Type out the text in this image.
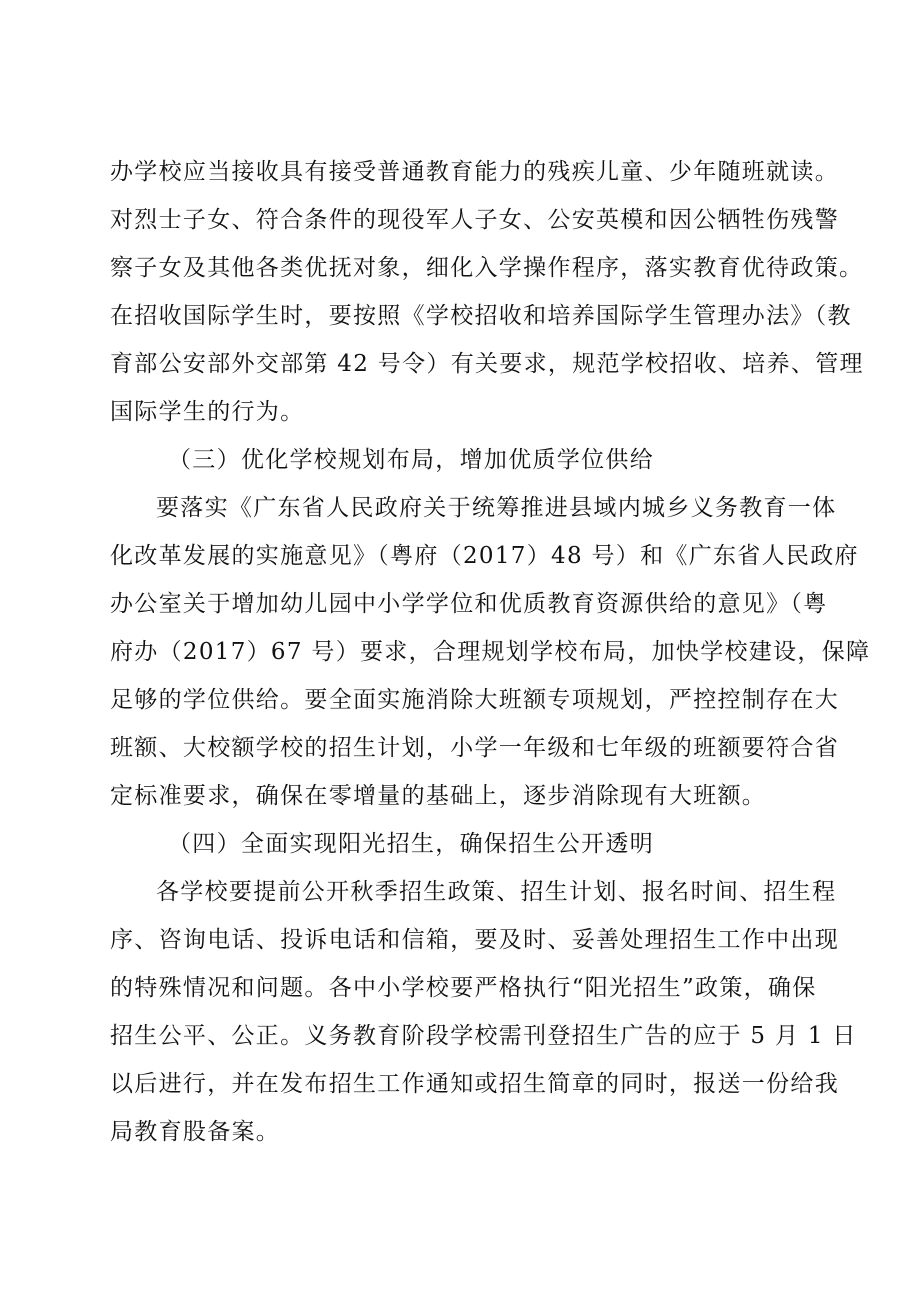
办学校应当接收具有接受普通教育能力的残疾儿童、少年随班就读。
对烈士子女、符合条件的现役军人子女、公安英模和因公牺牲伤残警
察子女及其他各类优抚对象，细化入学操作程序，落实教育优待政策。
在招收国际学生时，要按照《学校招收和培养国际学生管理办法》（教
育部公安部外交部第 42 号令）有关要求，规范学校招收、培养、管理
国际学生的行为。
（三）优化学校规划布局，增加优质学位供给
要落实《广东省人民政府关于统筹推进县域内城乡义务教育一体
化改革发展的实施意见》（粤府（2017）48 号）和《广东省人民政府
办公室关于增加幼儿园中小学学位和优质教育资源供给的意见》（粤
府办（2017）67 号）要求，合理规划学校布局，加快学校建设，保障
足够的学位供给。要全面实施消除大班额专项规划，严控控制存在大
班额、大校额学校的招生计划，小学一年级和七年级的班额要符合省
定标准要求，确保在零增量的基础上，逐步消除现有大班额。
（四）全面实现阳光招生，确保招生公开透明
各学校要提前公开秋季招生政策、招生计划、报名时间、招生程
序、咨询电话、投诉电话和信箱，要及时、妥善处理招生工作中出现
的特殊情况和问题。各中小学校要严格执行“阳光招生”政策，确保
招生公平、公正。义务教育阶段学校需刊登招生广告的应于 5 月 1 日
以后进行，并在发布招生工作通知或招生简章的同时，报送一份给我
局教育股备案。
